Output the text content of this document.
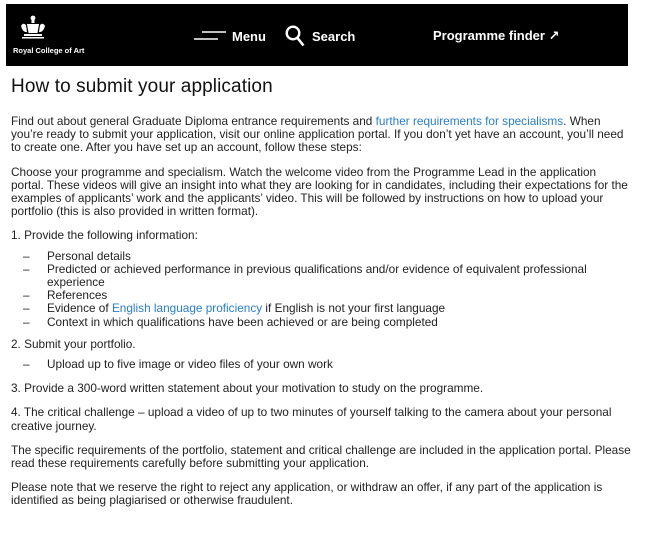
Royal College of Art
Menu	Search	Programme finder ↗
How to submit your application

Find out about general Graduate Diploma entrance requirements and further requirements for specialisms. When you’re ready to submit your application, visit our online application portal. If you don’t yet have an account, you’ll need to create one. After you have set up an account, follow these steps:

Choose your programme and specialism. Watch the welcome video from the Programme Lead in the application portal. These videos will give an insight into what they are looking for in candidates, including their expectations for the examples of applicants’ work and the applicants’ video. This will be followed by instructions on how to upload your portfolio (this is also provided in written format).

1. Provide the following information:

– Personal details
– Predicted or achieved performance in previous qualifications and/or evidence of equivalent professional experience
– References
– Evidence of English language proficiency if English is not your first language
– Context in which qualifications have been achieved or are being completed

2. Submit your portfolio.

– Upload up to five image or video files of your own work

3. Provide a 300-word written statement about your motivation to study on the programme.

4. The critical challenge – upload a video of up to two minutes of yourself talking to the camera about your personal creative journey.

The specific requirements of the portfolio, statement and critical challenge are included in the application portal. Please read these requirements carefully before submitting your application.

Please note that we reserve the right to reject any application, or withdraw an offer, if any part of the application is identified as being plagiarised or otherwise fraudulent.
